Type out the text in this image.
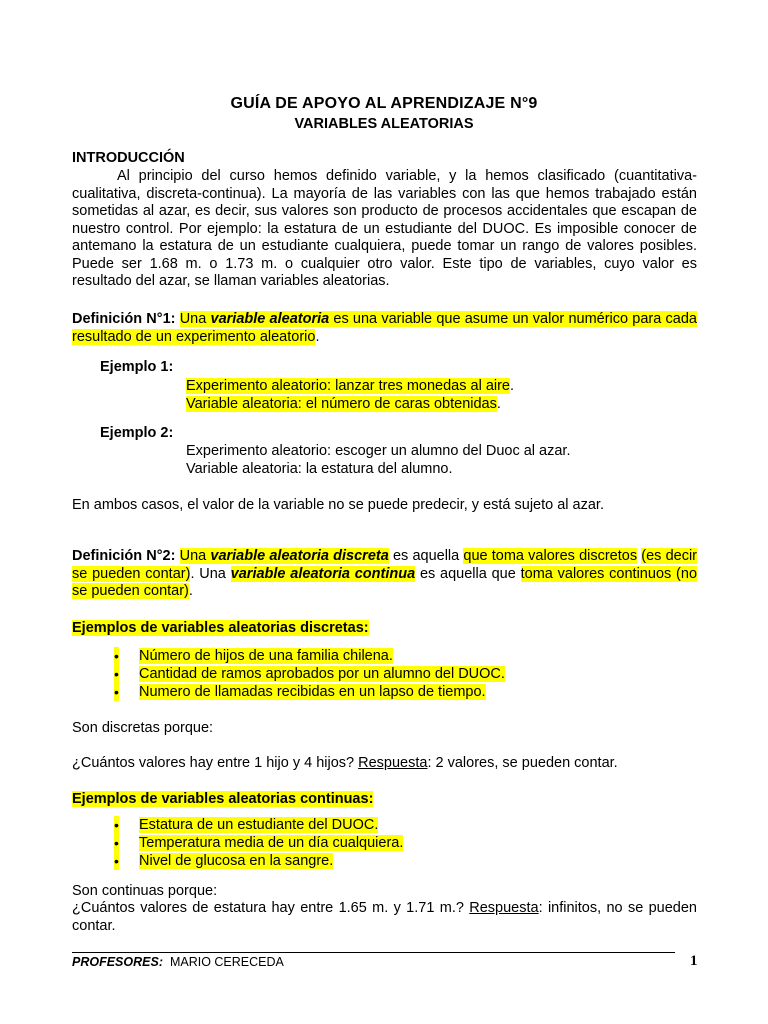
GUÍA DE APOYO AL APRENDIZAJE N°9
VARIABLES ALEATORIAS
INTRODUCCIÓN
Al principio del curso hemos definido variable, y la hemos clasificado (cuantitativa-cualitativa, discreta-continua). La mayoría de las variables con las que hemos trabajado están sometidas al azar, es decir, sus valores son producto de procesos accidentales que escapan de nuestro control. Por ejemplo: la estatura de un estudiante del DUOC. Es imposible conocer de antemano la estatura de un estudiante cualquiera, puede tomar un rango de valores posibles. Puede ser 1.68 m. o 1.73 m. o cualquier otro valor. Este tipo de variables, cuyo valor es resultado del azar, se llaman variables aleatorias.
Definición N°1: Una variable aleatoria es una variable que asume un valor numérico para cada resultado de un experimento aleatorio.
Ejemplo 1:
Experimento aleatorio: lanzar tres monedas al aire.
Variable aleatoria: el número de caras obtenidas.
Ejemplo 2:
Experimento aleatorio: escoger un alumno del Duoc al azar.
Variable aleatoria: la estatura del alumno.
En ambos casos, el valor de la variable no se puede predecir, y está sujeto al azar.
Definición N°2: Una variable aleatoria discreta es aquella que toma valores discretos (es decir se pueden contar). Una variable aleatoria continua es aquella que toma valores continuos (no se pueden contar).
Ejemplos de variables aleatorias discretas:
• Número de hijos de una familia chilena.
• Cantidad de ramos aprobados por un alumno del DUOC.
• Numero de llamadas recibidas en un lapso de tiempo.
Son discretas porque:
¿Cuántos valores hay entre 1 hijo y 4 hijos? Respuesta: 2 valores, se pueden contar.
Ejemplos de variables aleatorias continuas:
• Estatura de un estudiante del DUOC.
• Temperatura media de un día cualquiera.
• Nivel de glucosa en la sangre.
Son continuas porque:
¿Cuántos valores de estatura hay entre 1.65 m. y 1.71 m.? Respuesta: infinitos, no se pueden contar.
PROFESORES: MARIO CERECEDA	1
